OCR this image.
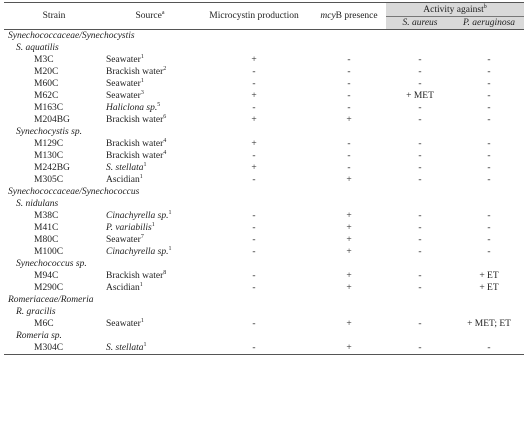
Strain	Source$^a$	Microcystin production	mcyB presence	Activity against$^b$
				S. aureus	P. aeruginosa
Synechococcaceae/Synechocystis					
S. aquatilis					
M3C	Seawater$^1$	+	-	-	-
M20C	Brackish water$^2$	-	-	-	-
M60C	Seawater$^1$	-	-	-	-
M62C	Seawater$^3$	+	-	+ MET	-
M163C	Haliclona sp.$^5$	-	-	-	-
M204BG	Brackish water$^6$	+	+	-	-
Synechocystis sp.					
M129C	Brackish water$^4$	+	-	-	-
M130C	Brackish water$^4$	-	-	-	-
M242BG	S. stellata$^1$	+	-	-	-
M305C	Ascidian$^1$	-	+	-	-
Synechococcaceae/Synechococcus					
S. nidulans					
M38C	Cinachyrella sp.$^1$	-	+	-	-
M41C	P. variabilis$^1$	-	+	-	-
M80C	Seawater$^7$	-	+	-	-
M100C	Cinachyrella sp.$^1$	-	+	-	-
Synechococcus sp.					
M94C	Brackish water$^8$	-	+	-	+ ET
M290C	Ascidian$^1$	-	+	-	+ ET
Romeriaceae/Romeria					
R. gracilis					
M6C	Seawater$^1$	-	+	-	+ MET; ET
Romeria sp.					
M304C	S. stellata$^1$	-	+	-	-
